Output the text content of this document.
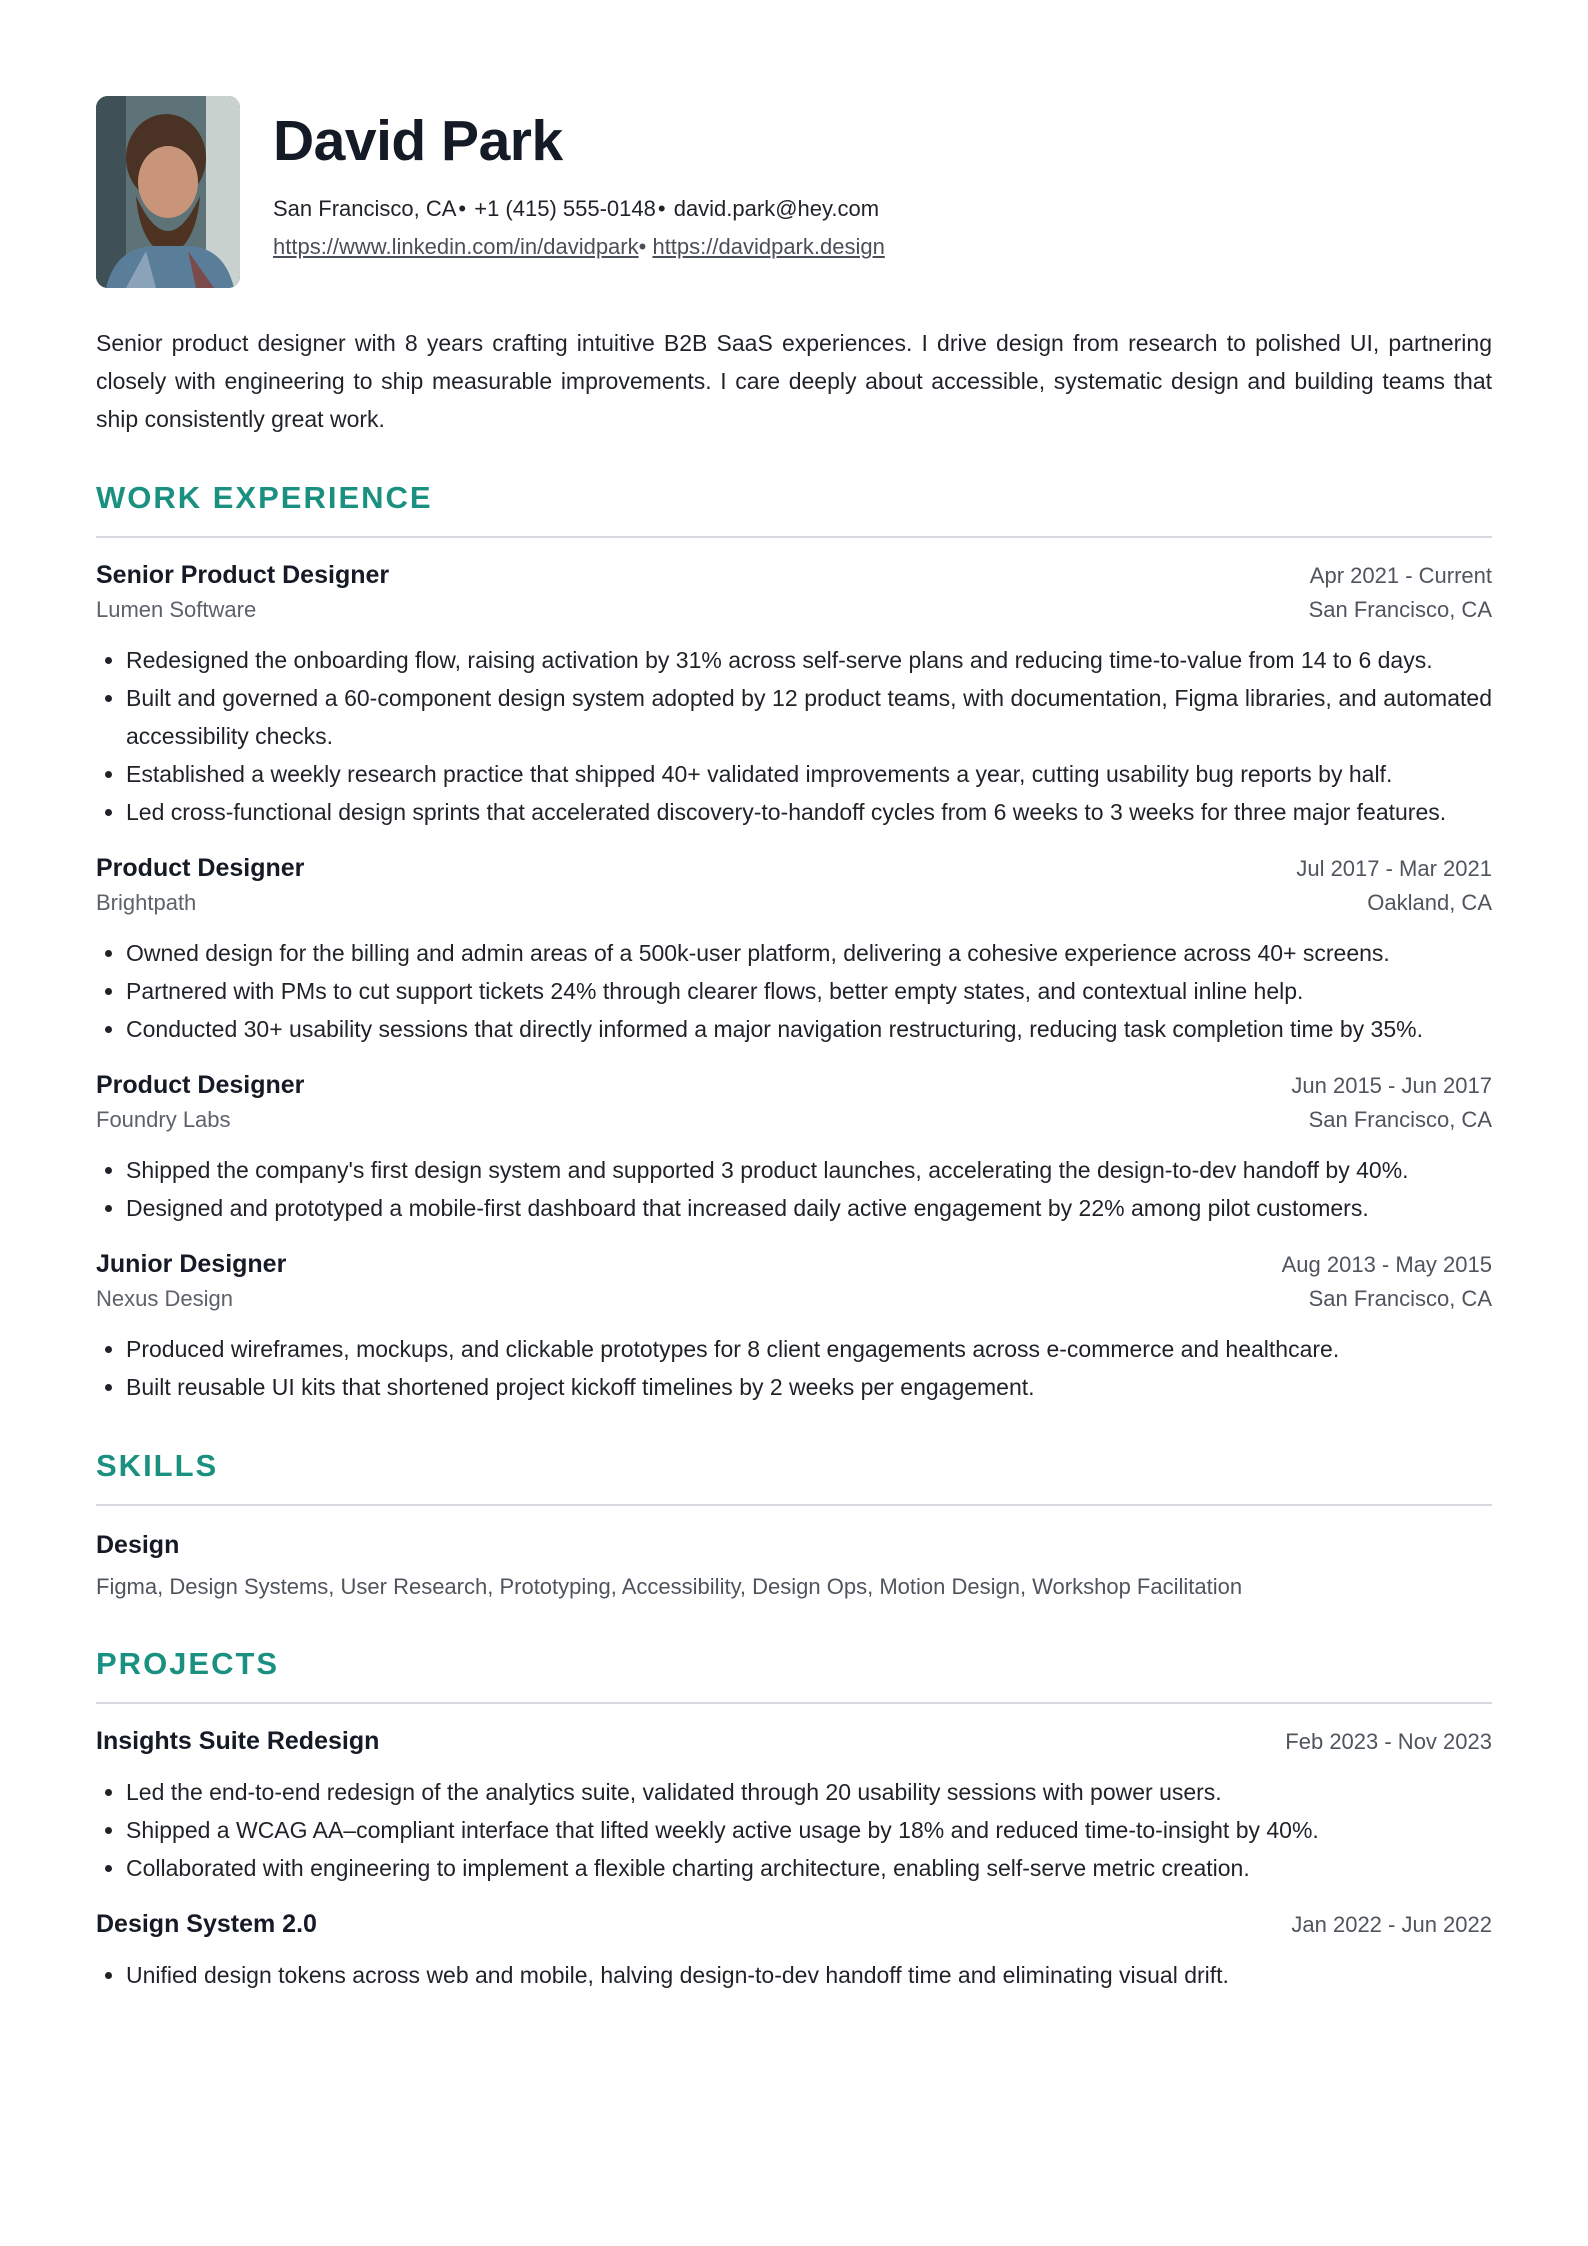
David Park
San Francisco, CA• +1 (415) 555-0148• david.park@hey.com
https://www.linkedin.com/in/davidpark• https://davidpark.design
Senior product designer with 8 years crafting intuitive B2B SaaS experiences. I drive design from research to polished UI, partnering closely with engineering to ship measurable improvements. I care deeply about accessible, systematic design and building teams that ship consistently great work.
WORK EXPERIENCE
Senior Product Designer	Apr 2021 - Current
Lumen Software	San Francisco, CA
• Redesigned the onboarding flow, raising activation by 31% across self-serve plans and reducing time-to-value from 14 to 6 days.
• Built and governed a 60-component design system adopted by 12 product teams, with documentation, Figma libraries, and automated accessibility checks.
• Established a weekly research practice that shipped 40+ validated improvements a year, cutting usability bug reports by half.
• Led cross-functional design sprints that accelerated discovery-to-handoff cycles from 6 weeks to 3 weeks for three major features.
Product Designer	Jul 2017 - Mar 2021
Brightpath	Oakland, CA
• Owned design for the billing and admin areas of a 500k-user platform, delivering a cohesive experience across 40+ screens.
• Partnered with PMs to cut support tickets 24% through clearer flows, better empty states, and contextual inline help.
• Conducted 30+ usability sessions that directly informed a major navigation restructuring, reducing task completion time by 35%.
Product Designer	Jun 2015 - Jun 2017
Foundry Labs	San Francisco, CA
• Shipped the company's first design system and supported 3 product launches, accelerating the design-to-dev handoff by 40%.
• Designed and prototyped a mobile-first dashboard that increased daily active engagement by 22% among pilot customers.
Junior Designer	Aug 2013 - May 2015
Nexus Design	San Francisco, CA
• Produced wireframes, mockups, and clickable prototypes for 8 client engagements across e-commerce and healthcare.
• Built reusable UI kits that shortened project kickoff timelines by 2 weeks per engagement.
SKILLS
Design
Figma, Design Systems, User Research, Prototyping, Accessibility, Design Ops, Motion Design, Workshop Facilitation
PROJECTS
Insights Suite Redesign	Feb 2023 - Nov 2023
• Led the end-to-end redesign of the analytics suite, validated through 20 usability sessions with power users.
• Shipped a WCAG AA–compliant interface that lifted weekly active usage by 18% and reduced time-to-insight by 40%.
• Collaborated with engineering to implement a flexible charting architecture, enabling self-serve metric creation.
Design System 2.0	Jan 2022 - Jun 2022
• Unified design tokens across web and mobile, halving design-to-dev handoff time and eliminating visual drift.
